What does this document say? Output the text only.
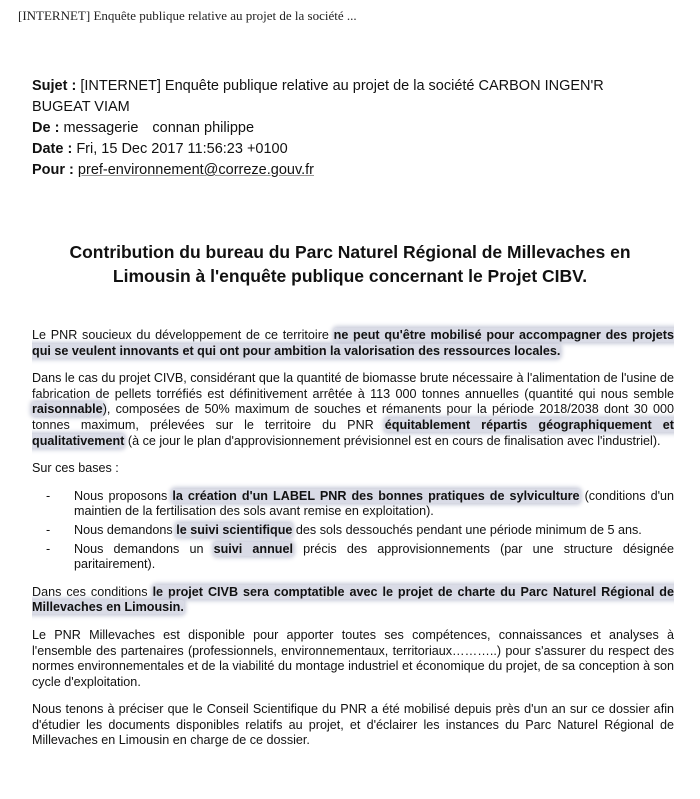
[INTERNET] Enquête publique relative au projet de la société ...
Sujet : [INTERNET] Enquête publique relative au projet de la société CARBON INGEN'R
BUGEAT VIAM
De : messagerie connan philippe
Date : Fri, 15 Dec 2017 11:56:23 +0100
Pour : pref-environnement@correze.gouv.fr
Contribution du bureau du Parc Naturel Régional de Millevaches en
Limousin à l'enquête publique concernant le Projet CIBV.

Le PNR soucieux du développement de ce territoire ne peut qu'être mobilisé pour accompagner des projets qui se veulent innovants et qui ont pour ambition la valorisation des ressources locales.

Dans le cas du projet CIVB, considérant que la quantité de biomasse brute nécessaire à l'alimentation de l'usine de fabrication de pellets torréfiés est définitivement arrêtée à 113 000 tonnes annuelles (quantité qui nous semble raisonnable), composées de 50% maximum de souches et rémanents pour la période 2018/2038 dont 30 000 tonnes maximum, prélevées sur le territoire du PNR équitablement répartis géographiquement et qualitativement (à ce jour le plan d'approvisionnement prévisionnel est en cours de finalisation avec l'industriel).

Sur ces bases :

- Nous proposons la création d'un LABEL PNR des bonnes pratiques de sylviculture (conditions d'un maintien de la fertilisation des sols avant remise en exploitation).
- Nous demandons le suivi scientifique des sols dessouchés pendant une période minimum de 5 ans.
- Nous demandons un suivi annuel précis des approvisionnements (par une structure désignée paritairement).

Dans ces conditions le projet CIVB sera comptatible avec le projet de charte du Parc Naturel Régional de Millevaches en Limousin.

Le PNR Millevaches est disponible pour apporter toutes ses compétences, connaissances et analyses à l'ensemble des partenaires (professionnels, environnementaux, territoriaux………..) pour s'assurer du respect des normes environnementales et de la viabilité du montage industriel et économique du projet, de sa conception à son cycle d'exploitation.

Nous tenons à préciser que le Conseil Scientifique du PNR a été mobilisé depuis près d'un an sur ce dossier afin d'étudier les documents disponibles relatifs au projet, et d'éclairer les instances du Parc Naturel Régional de Millevaches en Limousin en charge de ce dossier.
